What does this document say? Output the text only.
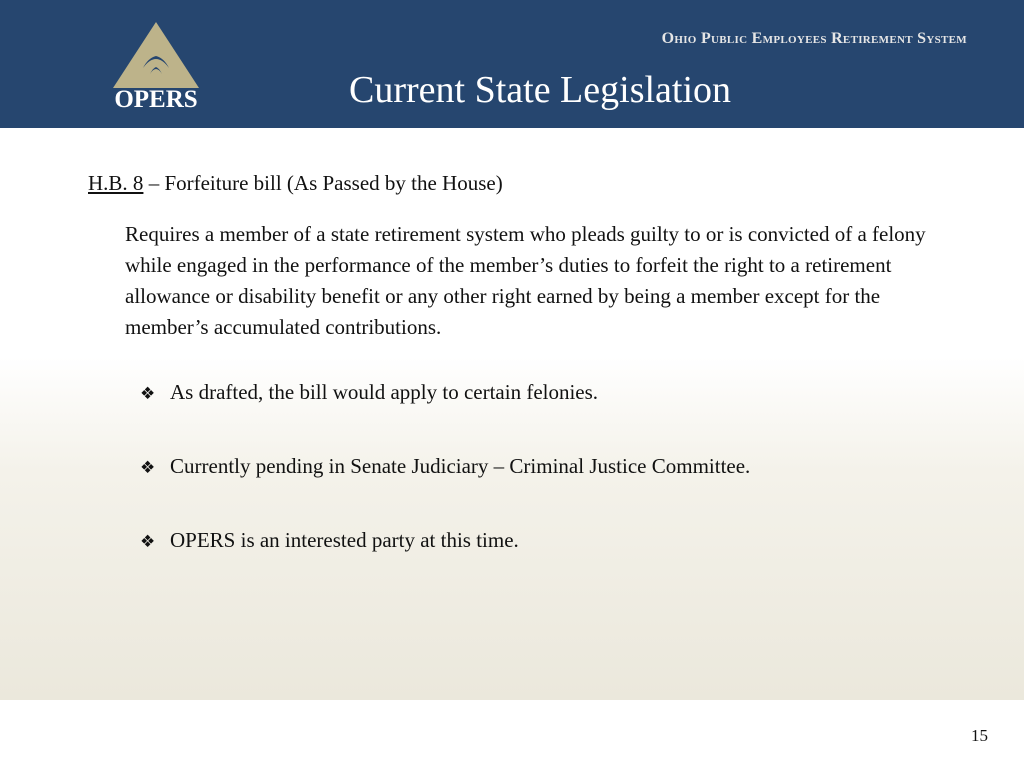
OPERS
Ohio Public Employees Retirement System
Current State Legislation
H.B. 8 – Forfeiture bill (As Passed by the House)
Requires a member of a state retirement system who pleads guilty to or is convicted of a felony while engaged in the performance of the member’s duties to forfeit the right to a retirement allowance or disability benefit or any other right earned by being a member except for the member’s accumulated contributions.
❖ As drafted, the bill would apply to certain felonies.
❖ Currently pending in Senate Judiciary – Criminal Justice Committee.
❖ OPERS is an interested party at this time.
15
